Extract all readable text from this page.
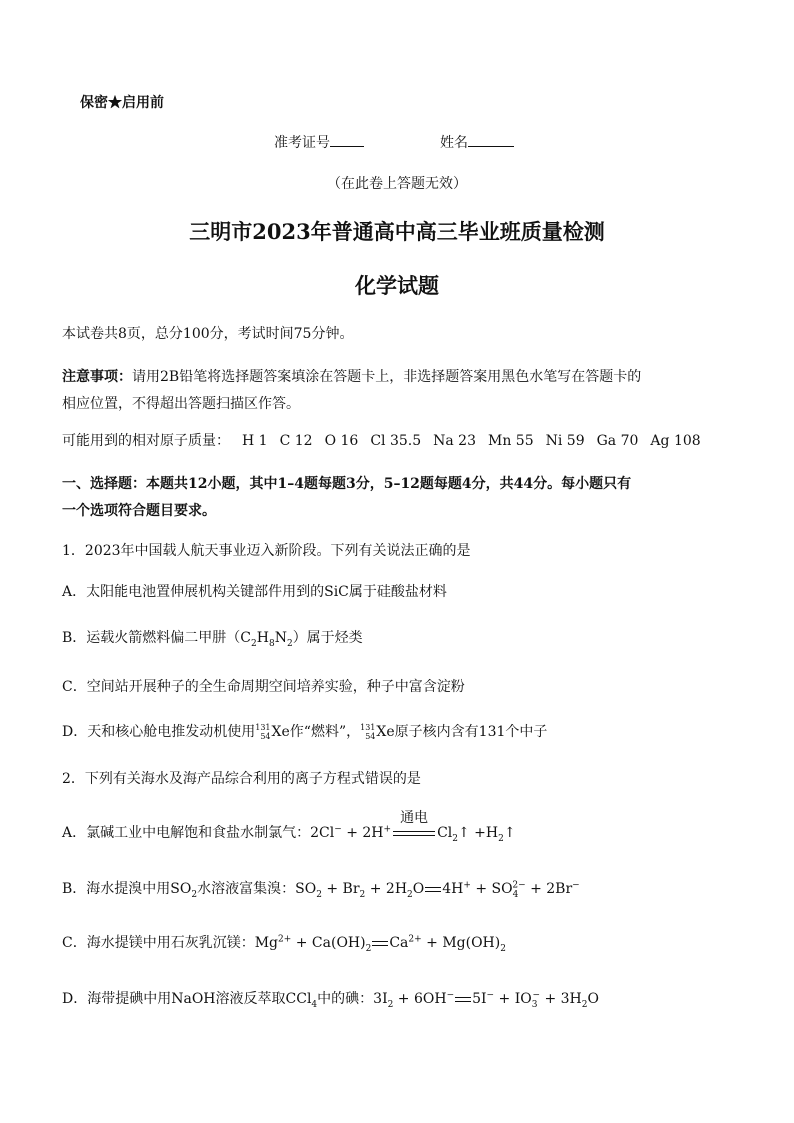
保密★启用前
准考证号	姓名
（在此卷上答题无效）
三明市2023年普通高中高三毕业班质量检测
化学试题
本试卷共8页，总分100分，考试时间75分钟。
注意事项：请用2B铅笔将选择题答案填涂在答题卡上，非选择题答案用黑色水笔写在答题卡的
相应位置，不得超出答题扫描区作答。
可能用到的相对原子质量： H 1 C 12 O 16 Cl 35.5 Na 23 Mn 55 Ni 59 Ga 70 Ag 108
一、选择题：本题共12小题，其中1–4题每题3分，5–12题每题4分，共44分。每小题只有
一个选项符合题目要求。
1．2023年中国载人航天事业迈入新阶段。下列有关说法正确的是
A．太阳能电池置伸展机构关键部件用到的SiC属于硅酸盐材料
B．运载火箭燃料偏二甲肼$(C_2H_8N_2)$属于烃类
C．空间站开展种子的全生命周期空间培养实验，种子中富含淀粉
D．天和核心舱电推发动机使用 131
54 Xe作“燃料”， 131
54 Xe原子核内含有131个中子
2．下列有关海水及海产品综合利用的离子方程式错误的是
A．氯碱工业中电解饱和食盐水制氯气：2Cl− + 2H+
通电
$Cl_2↑$ $+H_2↑$
B．海水提溴中用$SO_2$水溶液富集溴：$SO_2 + Br_2 + 2H_2O$ $4H^+ + SO_4^{2-} + 2Br^-$
C．海水提镁中用石灰乳沉镁：$Mg^{2+} + Ca(OH)_2$ $Ca^{2+} + Mg(OH)_2$
D．海带提碘中用NaOH溶液反萃取CCl$_4$中的碘：$3I_2 + 6OH^-$ $5I^- + IO_3^- + 3H_2O$
